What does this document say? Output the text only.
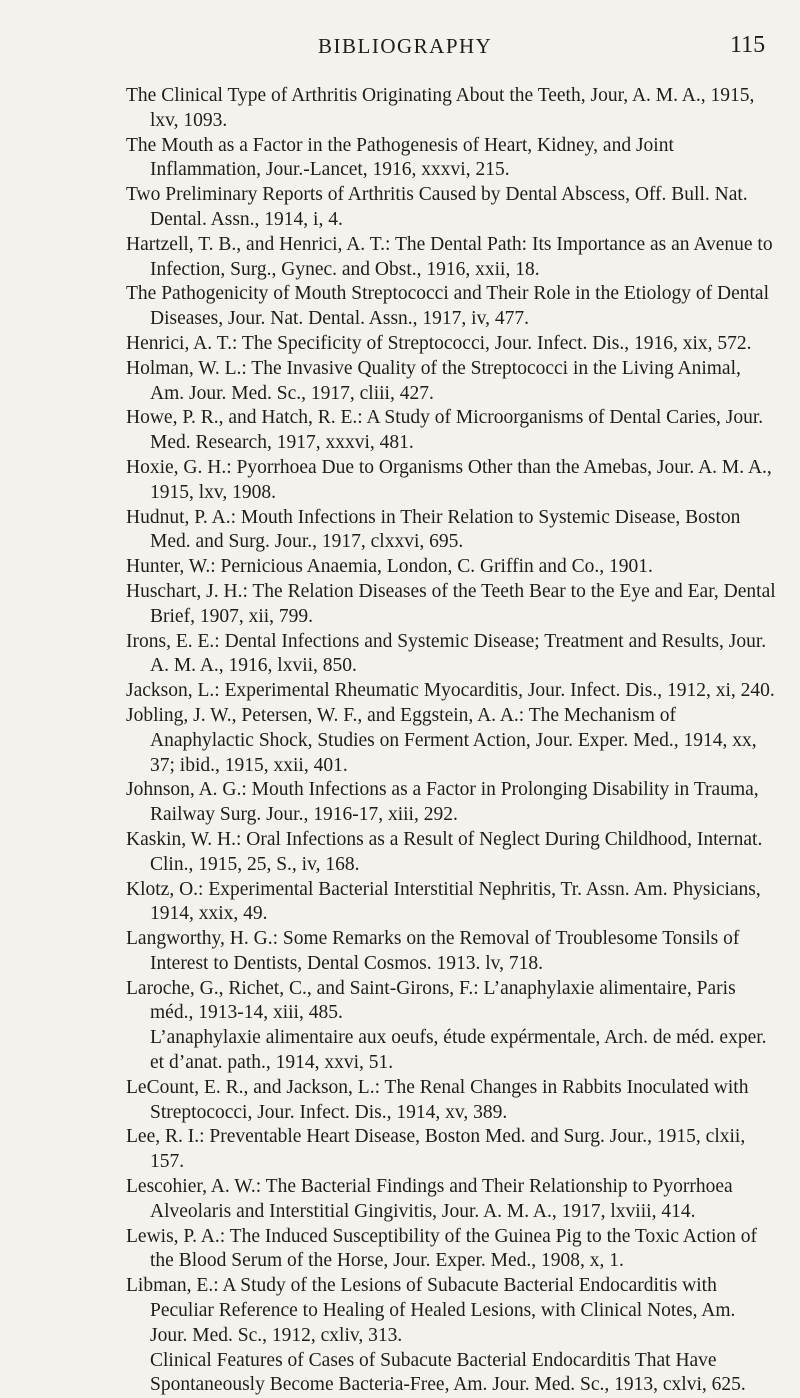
BIBLIOGRAPHY	115
The Clinical Type of Arthritis Originating About the Teeth, Jour, A. M. A., 1915, lxv, 1093.
The Mouth as a Factor in the Pathogenesis of Heart, Kidney, and Joint Inflammation, Jour.-Lancet, 1916, xxxvi, 215.
Two Preliminary Reports of Arthritis Caused by Dental Abscess, Off. Bull. Nat. Dental. Assn., 1914, i, 4.
Hartzell, T. B., and Henrici, A. T.: The Dental Path: Its Importance as an Avenue to Infection, Surg., Gynec. and Obst., 1916, xxii, 18.
The Pathogenicity of Mouth Streptococci and Their Role in the Etiology of Dental Diseases, Jour. Nat. Dental. Assn., 1917, iv, 477.
Henrici, A. T.: The Specificity of Streptococci, Jour. Infect. Dis., 1916, xix, 572.
Holman, W. L.: The Invasive Quality of the Streptococci in the Living Animal, Am. Jour. Med. Sc., 1917, cliii, 427.
Howe, P. R., and Hatch, R. E.: A Study of Microorganisms of Dental Caries, Jour. Med. Research, 1917, xxxvi, 481.
Hoxie, G. H.: Pyorrhoea Due to Organisms Other than the Amebas, Jour. A. M. A., 1915, lxv, 1908.
Hudnut, P. A.: Mouth Infections in Their Relation to Systemic Disease, Boston Med. and Surg. Jour., 1917, clxxvi, 695.
Hunter, W.: Pernicious Anaemia, London, C. Griffin and Co., 1901.
Huschart, J. H.: The Relation Diseases of the Teeth Bear to the Eye and Ear, Dental Brief, 1907, xii, 799.
Irons, E. E.: Dental Infections and Systemic Disease; Treatment and Results, Jour. A. M. A., 1916, lxvii, 850.
Jackson, L.: Experimental Rheumatic Myocarditis, Jour. Infect. Dis., 1912, xi, 240.
Jobling, J. W., Petersen, W. F., and Eggstein, A. A.: The Mechanism of Anaphylactic Shock, Studies on Ferment Action, Jour. Exper. Med., 1914, xx, 37; ibid., 1915, xxii, 401.
Johnson, A. G.: Mouth Infections as a Factor in Prolonging Disability in Trauma, Railway Surg. Jour., 1916-17, xiii, 292.
Kaskin, W. H.: Oral Infections as a Result of Neglect During Childhood, Internat. Clin., 1915, 25, S., iv, 168.
Klotz, O.: Experimental Bacterial Interstitial Nephritis, Tr. Assn. Am. Physicians, 1914, xxix, 49.
Langworthy, H. G.: Some Remarks on the Removal of Troublesome Tonsils of Interest to Dentists, Dental Cosmos. 1913. lv, 718.
Laroche, G., Richet, C., and Saint-Girons, F.: L’anaphylaxie alimentaire, Paris méd., 1913-14, xiii, 485.
L’anaphylaxie alimentaire aux oeufs, étude expérmentale, Arch. de méd. exper. et d’anat. path., 1914, xxvi, 51.
LeCount, E. R., and Jackson, L.: The Renal Changes in Rabbits Inoculated with Streptococci, Jour. Infect. Dis., 1914, xv, 389.
Lee, R. I.: Preventable Heart Disease, Boston Med. and Surg. Jour., 1915, clxii, 157.
Lescohier, A. W.: The Bacterial Findings and Their Relationship to Pyorrhoea Alveolaris and Interstitial Gingivitis, Jour. A. M. A., 1917, lxviii, 414.
Lewis, P. A.: The Induced Susceptibility of the Guinea Pig to the Toxic Action of the Blood Serum of the Horse, Jour. Exper. Med., 1908, x, 1.
Libman, E.: A Study of the Lesions of Subacute Bacterial Endocarditis with Peculiar Reference to Healing of Healed Lesions, with Clinical Notes, Am. Jour. Med. Sc., 1912, cxliv, 313.
Clinical Features of Cases of Subacute Bacterial Endocarditis That Have Spontaneously Become Bacteria-Free, Am. Jour. Med. Sc., 1913, cxlvi, 625.
